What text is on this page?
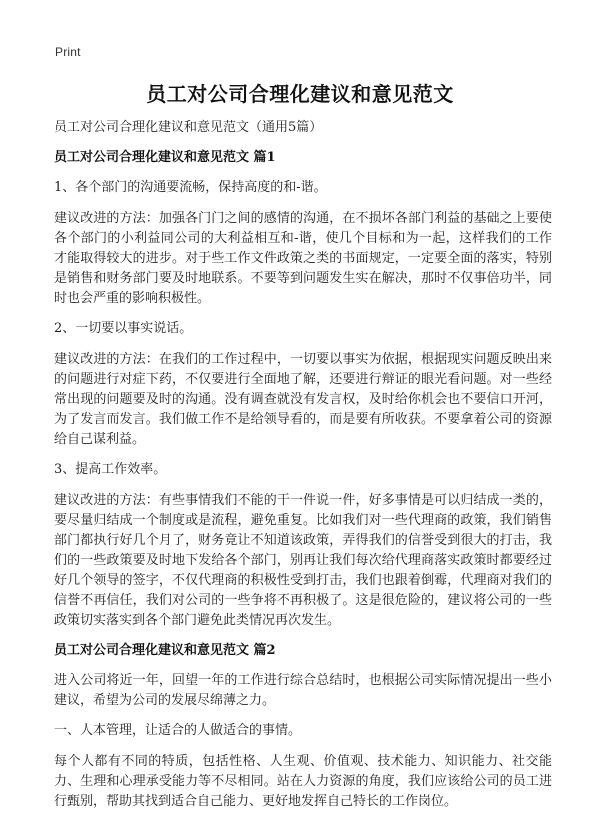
Print
员工对公司合理化建议和意见范文
员工对公司合理化建议和意见范文（通用5篇）
员工对公司合理化建议和意见范文 篇1
1、各个部门的沟通要流畅，保持高度的和-谐。
建议改进的方法：加强各门门之间的感情的沟通，在不损坏各部门利益的基础之上要使各个部门的小利益同公司的大利益相互和-谐，使几个目标和为一起，这样我们的工作才能取得较大的进步。对于些工作文件政策之类的书面规定，一定要全面的落实，特别是销售和财务部门要及时地联系。不要等到问题发生实在解决，那时不仅事倍功半，同时也会严重的影响积极性。
2、一切要以事实说话。
建议改进的方法：在我们的工作过程中，一切要以事实为依据，根据现实问题反映出来的问题进行对症下药，不仅要进行全面地了解，还要进行辩证的眼光看问题。对一些经常出现的问题要及时的沟通。没有调查就没有发言权，及时给你机会也不要信口开河，为了发言而发言。我们做工作不是给领导看的，而是要有所收获。不要拿着公司的资源给自己谋利益。
3、提高工作效率。
建议改进的方法：有些事情我们不能的干一件说一件，好多事情是可以归结成一类的，要尽量归结成一个制度或是流程，避免重复。比如我们对一些代理商的政策，我们销售部门都执行好几个月了，财务竟让不知道该政策，弄得我们的信誉受到很大的打击，我们的一些政策要及时地下发给各个部门，别再让我们每次给代理商落实政策时都要经过好几个领导的签字，不仅代理商的积极性受到打击，我们也跟着倒霉，代理商对我们的信誉不再信任，我们对公司的一些争将不再积极了。这是很危险的，建议将公司的一些政策切实落实到各个部门避免此类情况再次发生。
员工对公司合理化建议和意见范文 篇2
进入公司将近一年，回望一年的工作进行综合总结时，也根据公司实际情况提出一些小建议，希望为公司的发展尽绵薄之力。
一、人本管理，让适合的人做适合的事情。
每个人都有不同的特质，包括性格、人生观、价值观、技术能力、知识能力、社交能力、生理和心理承受能力等不尽相同。站在人力资源的角度，我们应该给公司的员工进行甄别，帮助其找到适合自己能力、更好地发挥自己特长的工作岗位。
